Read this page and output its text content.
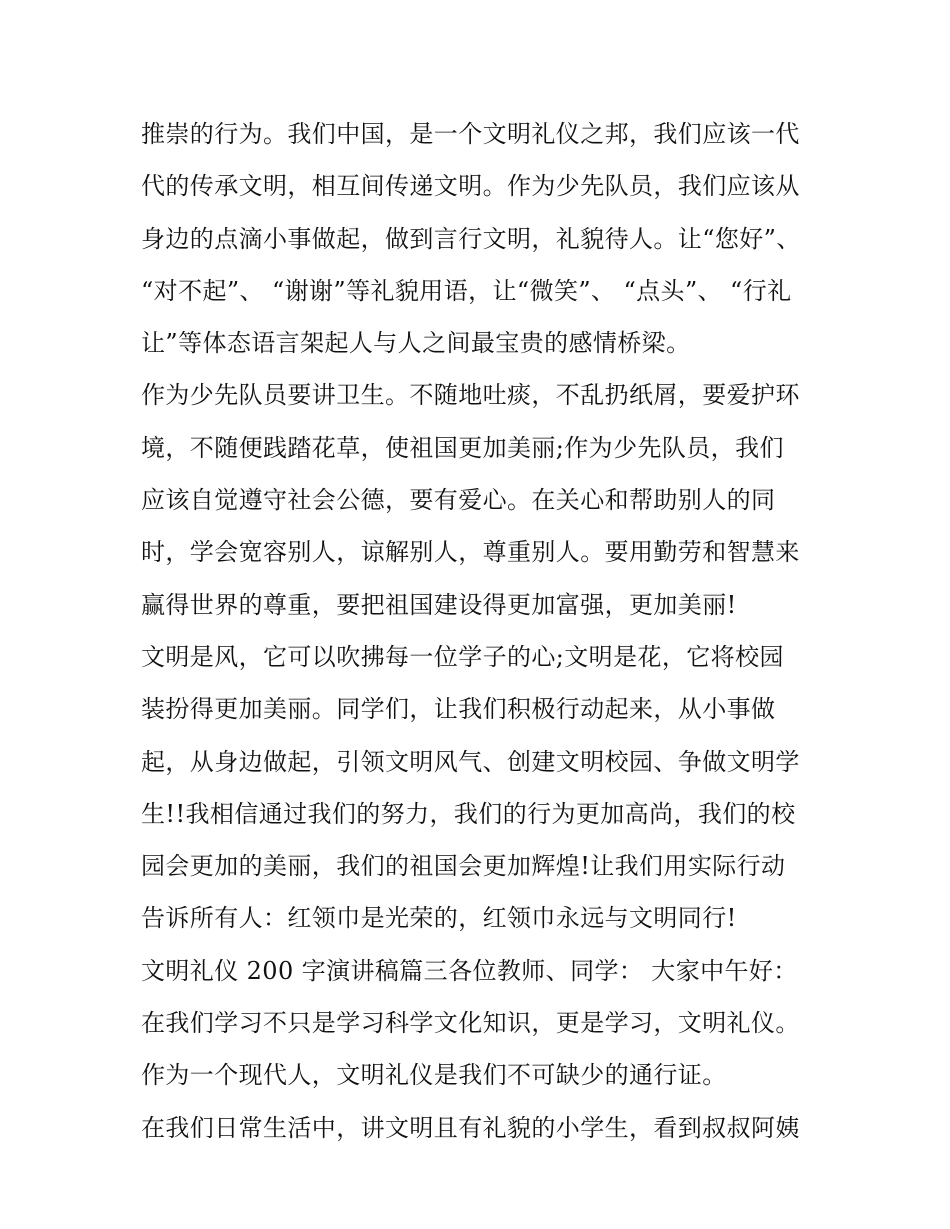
推崇的行为。我们中国，是一个文明礼仪之邦，我们应该一代
代的传承文明，相互间传递文明。作为少先队员，我们应该从
身边的点滴小事做起，做到言行文明，礼貌待人。让“您好”、
“对不起”、 “谢谢”等礼貌用语，让“微笑”、 “点头”、 “行礼
让”等体态语言架起人与人之间最宝贵的感情桥梁。
作为少先队员要讲卫生。不随地吐痰，不乱扔纸屑，要爱护环
境，不随便践踏花草，使祖国更加美丽;作为少先队员，我们
应该自觉遵守社会公德，要有爱心。在关心和帮助别人的同
时，学会宽容别人，谅解别人，尊重别人。要用勤劳和智慧来
赢得世界的尊重，要把祖国建设得更加富强，更加美丽!
文明是风，它可以吹拂每一位学子的心;文明是花，它将校园
装扮得更加美丽。同学们，让我们积极行动起来，从小事做
起，从身边做起，引领文明风气、创建文明校园、争做文明学
生!!我相信通过我们的努力，我们的行为更加高尚，我们的校
园会更加的美丽，我们的祖国会更加辉煌!让我们用实际行动
告诉所有人：红领巾是光荣的，红领巾永远与文明同行!
文明礼仪 200 字演讲稿篇三各位教师、同学： 大家中午好：
在我们学习不只是学习科学文化知识，更是学习，文明礼仪。
作为一个现代人，文明礼仪是我们不可缺少的通行证。
在我们日常生活中，讲文明且有礼貌的小学生，看到叔叔阿姨
